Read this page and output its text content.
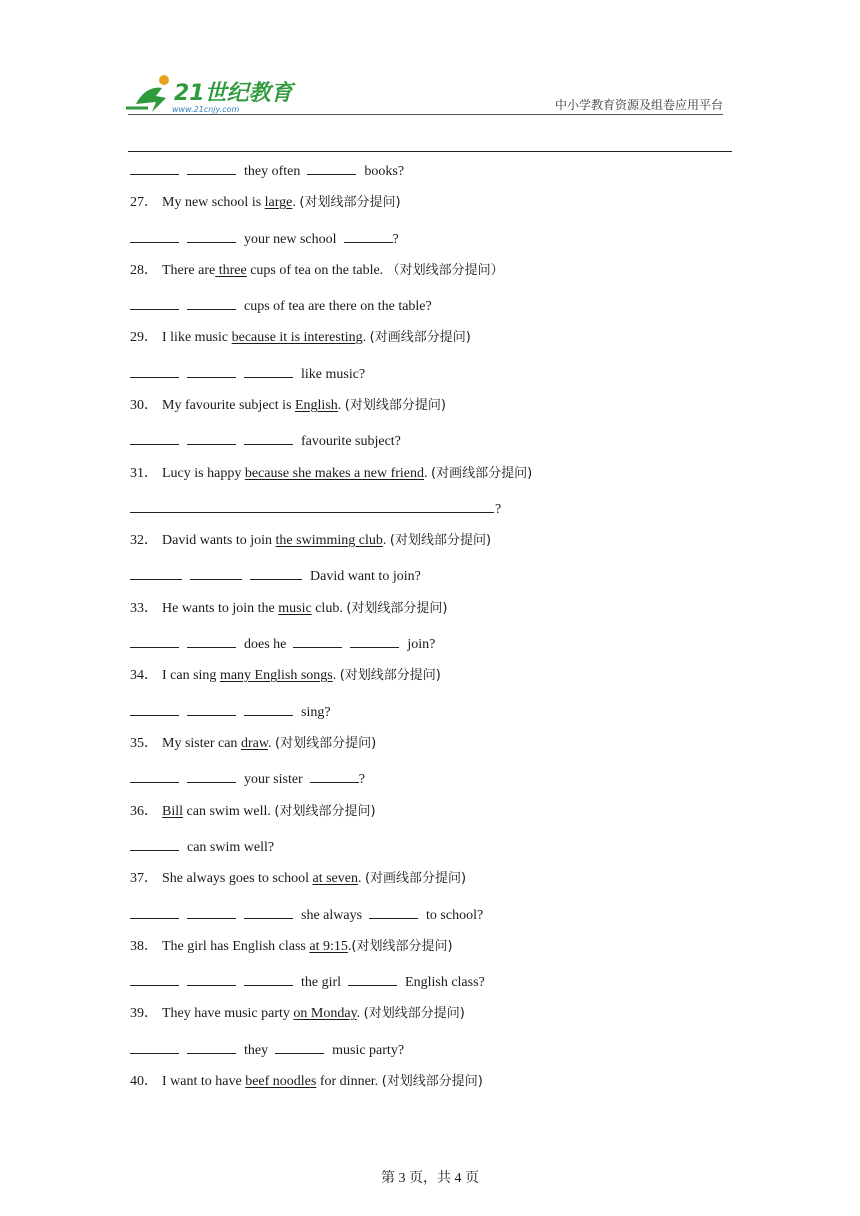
21世纪教育
www.21cnjy.com	中小学教育资源及组卷应用平台
they often	books?
27． My new school is large. (对划线部分提问)
your new school	?
28． There are three cups of tea on the table. （对划线部分提问）
cups of tea are there on the table?
29． I like music because it is interesting. (对画线部分提问)
like music?
30． My favourite subject is English. (对划线部分提问)
favourite subject?
31． Lucy is happy because she makes a new friend. (对画线部分提问)
?
32． David wants to join the swimming club. (对划线部分提问)
David want to join?
33． He wants to join the music club. (对划线部分提问)
does he	join?
34． I can sing many English songs. (对划线部分提问)
sing?
35． My sister can draw. (对划线部分提问)
your sister	?
36． Bill can swim well. (对划线部分提问)
can swim well?
37． She always goes to school at seven. (对画线部分提问)
she always	to school?
38． The girl has English class at 9:15.(对划线部分提问)
the girl	English class?
39． They have music party on Monday. (对划线部分提问)
they	music party?
40． I want to have beef noodles for dinner. (对划线部分提问)
第 3 页，共 4 页
